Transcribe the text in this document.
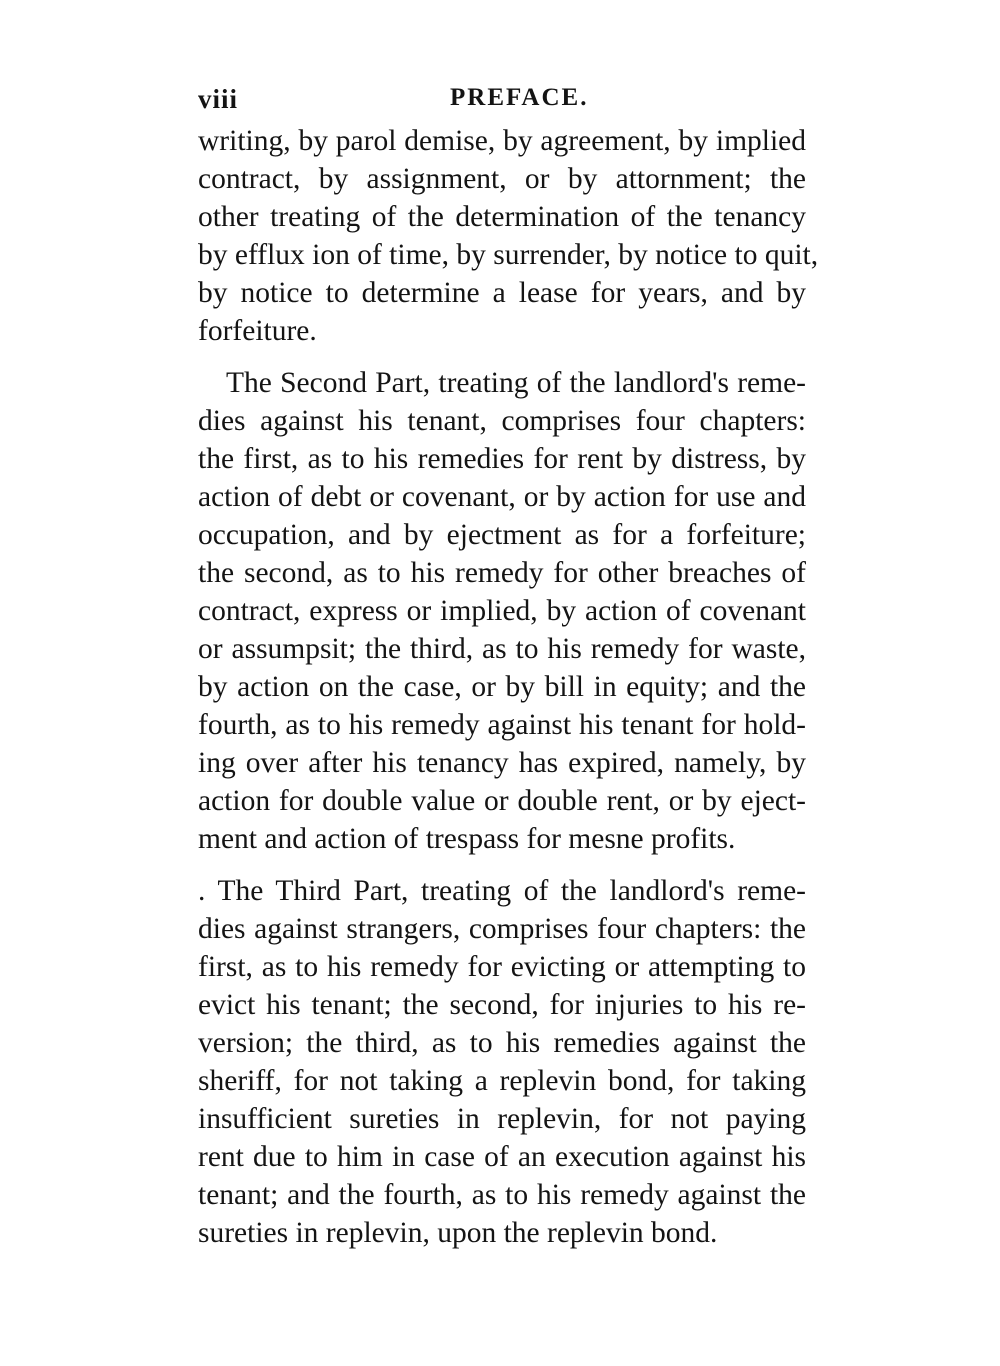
viii	PREFACE.

writing, by parol demise, by agreement, by implied
contract, by assignment, or by attornment; the
other treating of the determination of the tenancy
by efflux ion of time, by surrender, by notice to quit,
by notice to determine a lease for years, and by
forfeiture.

The Second Part, treating of the landlord's reme-
dies against his tenant, comprises four chapters:
the first, as to his remedies for rent by distress, by
action of debt or covenant, or by action for use and
occupation, and by ejectment as for a forfeiture;
the second, as to his remedy for other breaches of
contract, express or implied, by action of covenant
or assumpsit; the third, as to his remedy for waste,
by action on the case, or by bill in equity; and the
fourth, as to his remedy against his tenant for hold-
ing over after his tenancy has expired, namely, by
action for double value or double rent, or by eject-
ment and action of trespass for mesne profits.

. The Third Part, treating of the landlord's reme-
dies against strangers, comprises four chapters: the
first, as to his remedy for evicting or attempting to
evict his tenant; the second, for injuries to his re-
version; the third, as to his remedies against the
sheriff, for not taking a replevin bond, for taking
insufficient sureties in replevin, for not paying
rent due to him in case of an execution against his
tenant; and the fourth, as to his remedy against the
sureties in replevin, upon the replevin bond.
